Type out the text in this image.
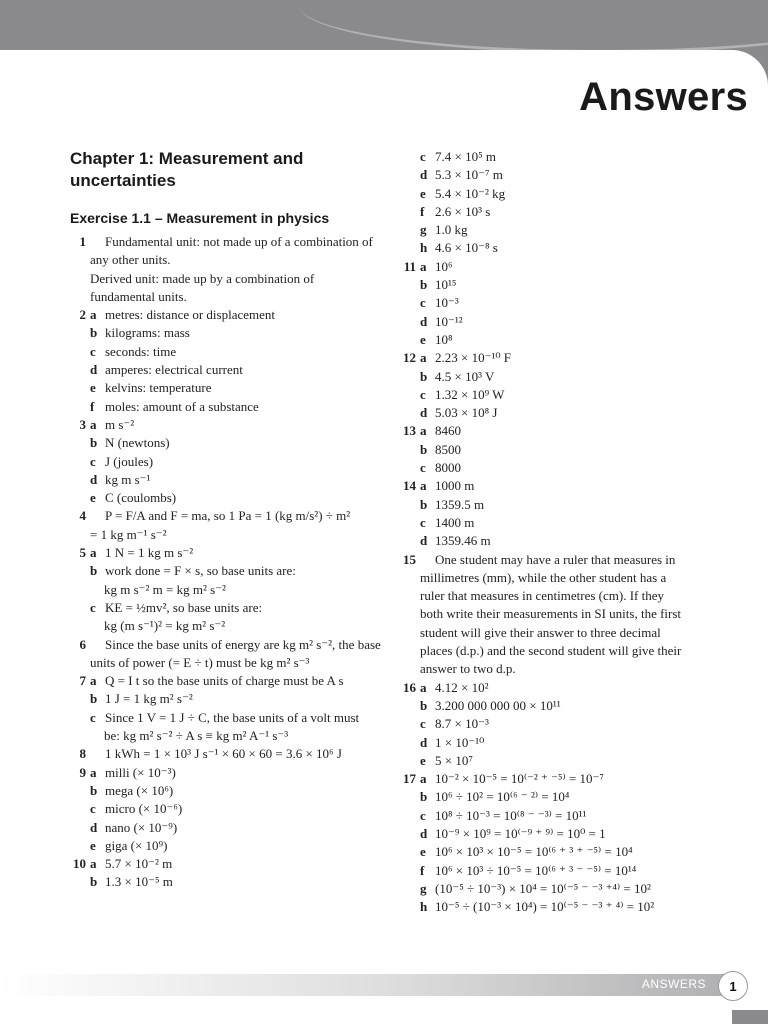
Answers
Chapter 1: Measurement and uncertainties
Exercise 1.1 – Measurement in physics
1 Fundamental unit: not made up of a combination of
any other units.
Derived unit: made up by a combination of
fundamental units.
2 a metres: distance or displacement
b kilograms: mass
c seconds: time
d amperes: electrical current
e kelvins: temperature
f moles: amount of a substance
3 a m s⁻²
b N (newtons)
c J (joules)
d kg m s⁻¹
e C (coulombs)
4 P = F/A and F = ma, so 1 Pa = 1 (kg m/s²) ÷ m²
= 1 kg m⁻¹ s⁻²
5 a 1 N = 1 kg m s⁻²
b work done = F × s, so base units are:
kg m s⁻² m = kg m² s⁻²
c KE = ½mv², so base units are:
kg (m s⁻¹)² = kg m² s⁻²
6 Since the base units of energy are kg m² s⁻², the base
units of power (= E ÷ t) must be kg m² s⁻³
7 a Q = I t so the base units of charge must be A s
b 1 J = 1 kg m² s⁻²
c Since 1 V = 1 J ÷ C, the base units of a volt must
be: kg m² s⁻² ÷ A s ≡ kg m² A⁻¹ s⁻³
8 1 kWh = 1 × 10³ J s⁻¹ × 60 × 60 = 3.6 × 10⁶ J
9 a milli (× 10⁻³)
b mega (× 10⁶)
c micro (× 10⁻⁶)
d nano (× 10⁻⁹)
e giga (× 10⁹)
10 a 5.7 × 10⁻² m
b 1.3 × 10⁻⁵ m
c 7.4 × 10⁵ m
d 5.3 × 10⁻⁷ m
e 5.4 × 10⁻² kg
f 2.6 × 10³ s
g 1.0 kg
h 4.6 × 10⁻⁸ s
11 a 10⁶
b 10¹⁵
c 10⁻³
d 10⁻¹²
e 10⁸
12 a 2.23 × 10⁻¹⁰ F
b 4.5 × 10³ V
c 1.32 × 10⁹ W
d 5.03 × 10⁸ J
13 a 8460
b 8500
c 8000
14 a 1000 m
b 1359.5 m
c 1400 m
d 1359.46 m
15 One student may have a ruler that measures in
millimetres (mm), while the other student has a
ruler that measures in centimetres (cm). If they
both write their measurements in SI units, the first
student will give their answer to three decimal
places (d.p.) and the second student will give their
answer to two d.p.
16 a 4.12 × 10²
b 3.200 000 000 00 × 10¹¹
c 8.7 × 10⁻³
d 1 × 10⁻¹⁰
e 5 × 10⁷
17 a 10⁻² × 10⁻⁵ = 10⁽⁻² ⁺ ⁻⁵⁾ = 10⁻⁷
b 10⁶ ÷ 10² = 10⁽⁶ ⁻ ²⁾ = 10⁴
c 10⁸ ÷ 10⁻³ = 10⁽⁸ ⁻ ⁻³⁾ = 10¹¹
d 10⁻⁹ × 10⁹ = 10⁽⁻⁹ ⁺ ⁹⁾ = 10⁰ = 1
e 10⁶ × 10³ × 10⁻⁵ = 10⁽⁶ ⁺ ³ ⁺ ⁻⁵⁾ = 10⁴
f 10⁶ × 10³ ÷ 10⁻⁵ = 10⁽⁶ ⁺ ³ ⁻ ⁻⁵⁾ = 10¹⁴
g (10⁻⁵ ÷ 10⁻³) × 10⁴ = 10⁽⁻⁵ ⁻ ⁻³ ⁺⁴⁾ = 10²
h 10⁻⁵ ÷ (10⁻³ × 10⁴) = 10⁽⁻⁵ ⁻ ⁻³ ⁺ ⁴⁾ = 10²
ANSWERS	1
